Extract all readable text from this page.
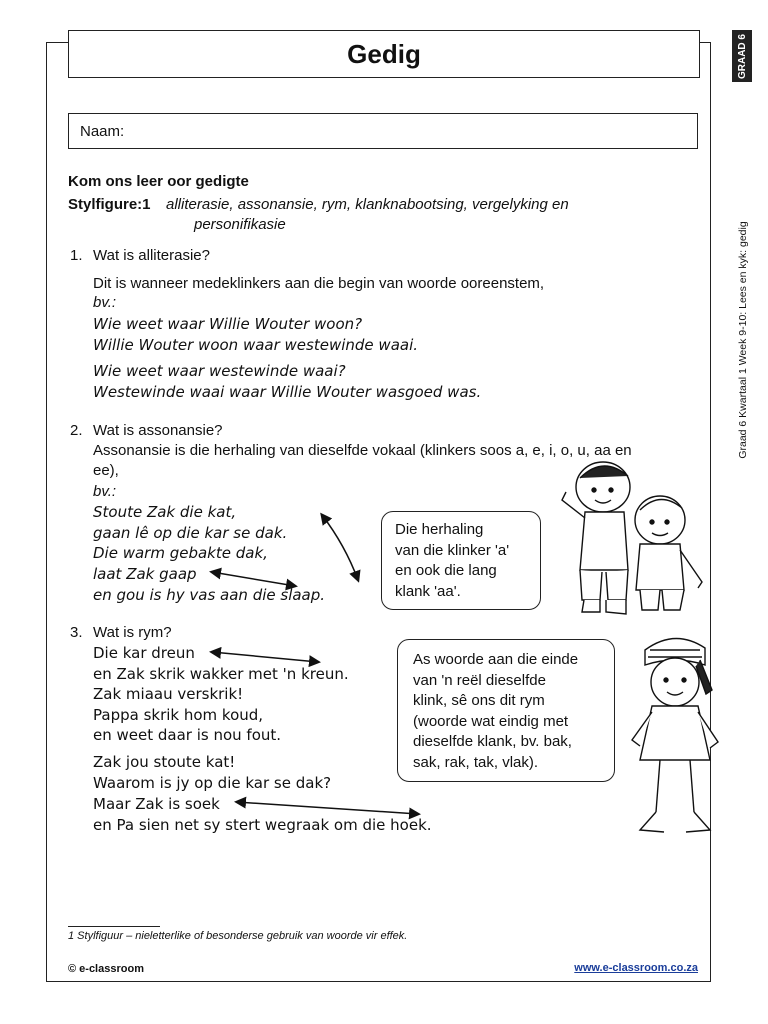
Gedig	GRAAD 6
Graad 6 Kwartaal 1 Week 9-10: Lees en kyk: gedig
Naam:
Kom ons leer oor gedigte
Stylfigure:1 alliterasie, assonansie, rym, klanknabootsing, vergelyking en
personifikasie
1. Wat is alliterasie?
Dit is wanneer medeklinkers aan die begin van woorde ooreenstem,
bv.:
Wie weet waar Willie Wouter woon?
Willie Wouter woon waar westewinde waai.
Wie weet waar westewinde waai?
Westewinde waai waar Willie Wouter wasgoed was.
2. Wat is assonansie?
Assonansie is die herhaling van dieselfde vokaal (klinkers soos a, e, i, o, u, aa en
ee),
bv.:
Stoute Zak die kat,
gaan lê op die kar se dak.
Die warm gebakte dak,
laat Zak gaap
en gou is hy vas aan die slaap.
Die herhaling
van die klinker 'a'
en ook die lang
klank 'aa'.
3. Wat is rym?
Die kar dreun
en Zak skrik wakker met 'n kreun.
Zak miaau verskrik!
Pappa skrik hom koud,
en weet daar is nou fout.
Zak jou stoute kat!
Waarom is jy op die kar se dak?
Maar Zak is soek
en Pa sien net sy stert wegraak om die hoek.
As woorde aan die einde
van 'n reël dieselfde
klink, sê ons dit rym
(woorde wat eindig met
dieselfde klank, bv. bak,
sak, rak, tak, vlak).
1 Stylfiguur – nieletterlike of besonderse gebruik van woorde vir effek.
© e-classroom	www.e-classroom.co.za
